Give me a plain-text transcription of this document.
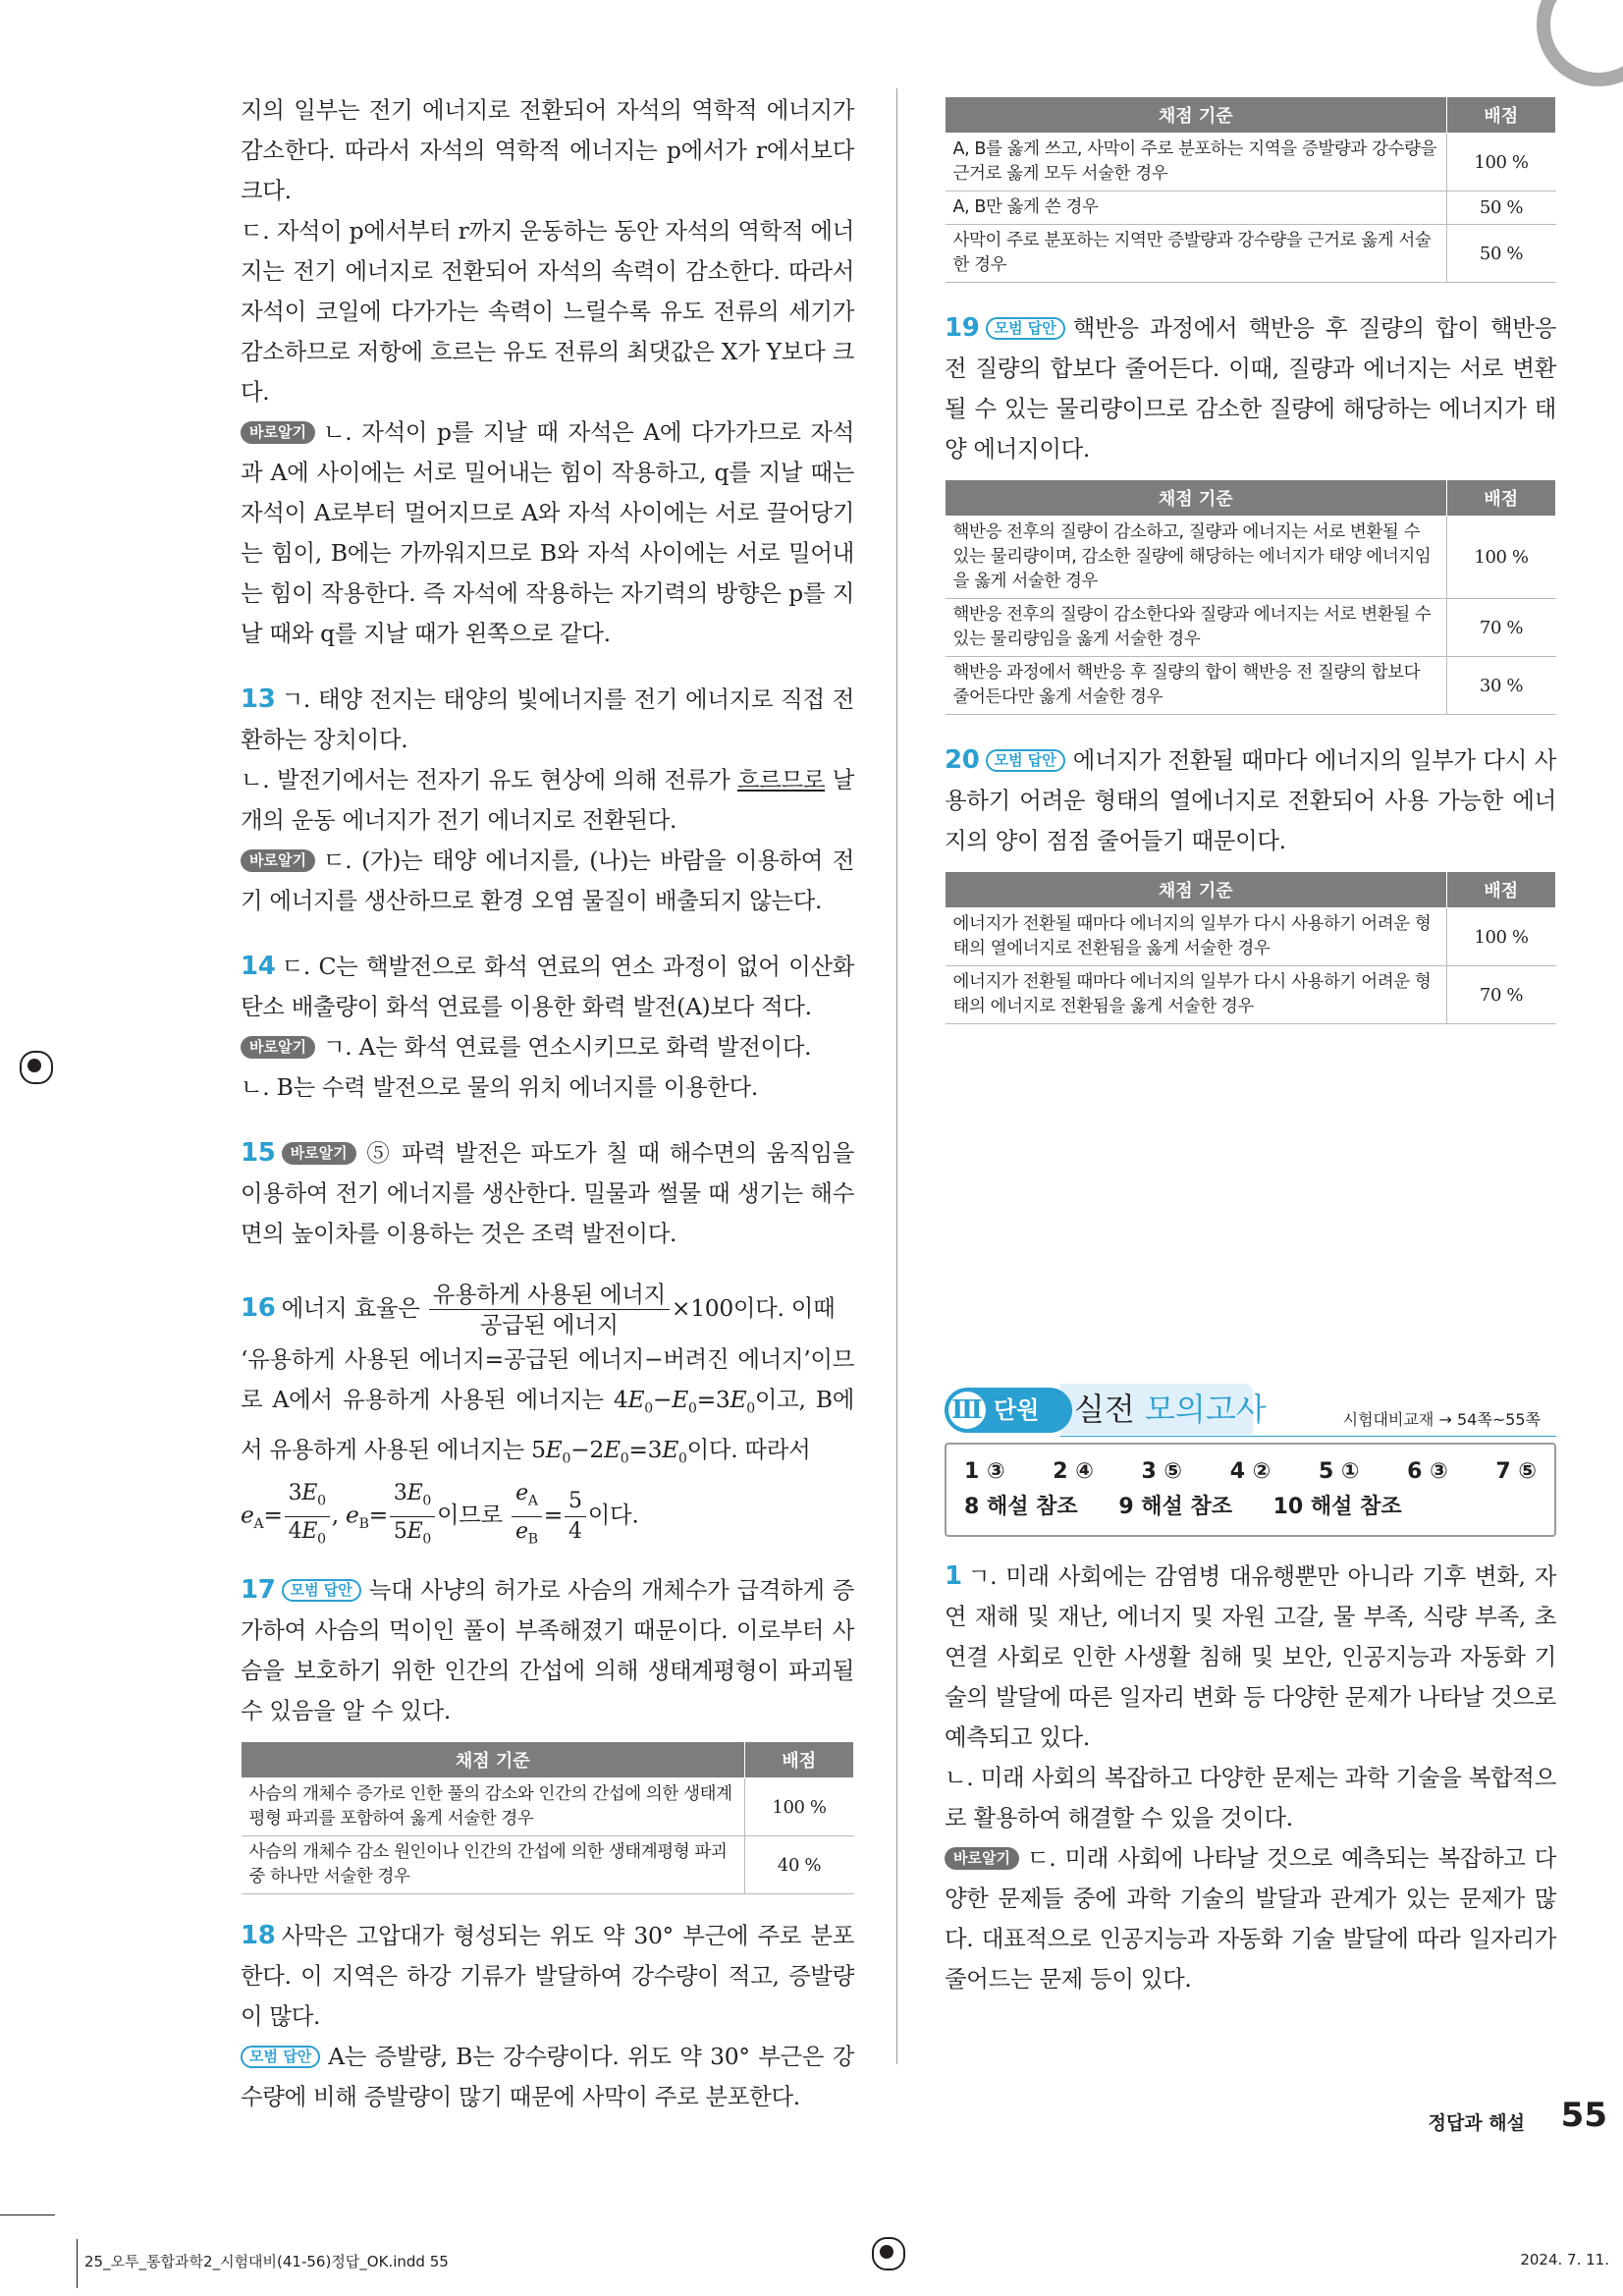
지의 일부는 전기 에너지로 전환되어 자석의 역학적 에너지가 감소한다. 따라서 자석의 역학적 에너지는 p에서가 r에서보다 크다.

ㄷ. 자석이 p에서부터 r까지 운동하는 동안 자석의 역학적 에너지는 전기 에너지로 전환되어 자석의 속력이 감소한다. 따라서 자석이 코일에 다가가는 속력이 느릴수록 유도 전류의 세기가 감소하므로 저항에 흐르는 유도 전류의 최댓값은 X가 Y보다 크다.

바로알기 ㄴ. 자석이 p를 지날 때 자석은 A에 다가가므로 자석과 A에 사이에는 서로 밀어내는 힘이 작용하고, q를 지날 때는 자석이 A로부터 멀어지므로 A와 자석 사이에는 서로 끌어당기는 힘이, B에는 가까워지므로 B와 자석 사이에는 서로 밀어내는 힘이 작용한다. 즉 자석에 작용하는 자기력의 방향은 p를 지날 때와 q를 지날 때가 왼쪽으로 같다.

13 ㄱ. 태양 전지는 태양의 빛에너지를 전기 에너지로 직접 전환하는 장치이다.

ㄴ. 발전기에서는 전자기 유도 현상에 의해 전류가 흐르므로 날개의 운동 에너지가 전기 에너지로 전환된다.

바로알기 ㄷ. (가)는 태양 에너지를, (나)는 바람을 이용하여 전기 에너지를 생산하므로 환경 오염 물질이 배출되지 않는다.

14 ㄷ. C는 핵발전으로 화석 연료의 연소 과정이 없어 이산화 탄소 배출량이 화석 연료를 이용한 화력 발전(A)보다 적다.

바로알기 ㄱ. A는 화석 연료를 연소시키므로 화력 발전이다.

ㄴ. B는 수력 발전으로 물의 위치 에너지를 이용한다.

15 바로알기 ⑤ 파력 발전은 파도가 칠 때 해수면의 움직임을 이용하여 전기 에너지를 생산한다. 밀물과 썰물 때 생기는 해수면의 높이차를 이용하는 것은 조력 발전이다.

16 에너지 효율은 $\frac{\text{유용하게 사용된 에너지}}{\text{공급된 에너지}} \times 100$이다. 이때

‘유용하게 사용된 에너지=공급된 에너지−버려진 에너지’이므로 A에서 유용하게 사용된 에너지는 $4E_0-E_0=3E_0$이고, B에서 유용하게 사용된 에너지는 $5E_0-2E_0=3E_0$이다. 따라서

$e_A= \frac{3E_0}{4E_0}$ , $e_B= \frac{3E_0}{5E_0}$ 이므로 $\frac{e_A}{e_B} = \frac{5}{4}$ 이다.

17 모범 답안 늑대 사냥의 허가로 사슴의 개체수가 급격하게 증가하여 사슴의 먹이인 풀이 부족해졌기 때문이다. 이로부터 사슴을 보호하기 위한 인간의 간섭에 의해 생태계평형이 파괴될 수 있음을 알 수 있다.

채점 기준	배점
사슴의 개체수 증가로 인한 풀의 감소와 인간의 간섭에 의한 생태계평형 파괴를 포함하여 옳게 서술한 경우	100 %
사슴의 개체수 감소 원인이나 인간의 간섭에 의한 생태계평형 파괴 중 하나만 서술한 경우	40 %

18 사막은 고압대가 형성되는 위도 약 30° 부근에 주로 분포한다. 이 지역은 하강 기류가 발달하여 강수량이 적고, 증발량이 많다.

모범 답안 A는 증발량, B는 강수량이다. 위도 약 30° 부근은 강수량에 비해 증발량이 많기 때문에 사막이 주로 분포한다.

채점 기준	배점
A, B를 옳게 쓰고, 사막이 주로 분포하는 지역을 증발량과 강수량을 근거로 옳게 모두 서술한 경우	100 %
A, B만 옳게 쓴 경우	50 %
사막이 주로 분포하는 지역만 증발량과 강수량을 근거로 옳게 서술한 경우	50 %

19 모범 답안 핵반응 과정에서 핵반응 후 질량의 합이 핵반응 전 질량의 합보다 줄어든다. 이때, 질량과 에너지는 서로 변환될 수 있는 물리량이므로 감소한 질량에 해당하는 에너지가 태양 에너지이다.

채점 기준	배점
핵반응 전후의 질량이 감소하고, 질량과 에너지는 서로 변환될 수 있는 물리량이며, 감소한 질량에 해당하는 에너지가 태양 에너지임을 옳게 서술한 경우	100 %
핵반응 전후의 질량이 감소한다와 질량과 에너지는 서로 변환될 수 있는 물리량임을 옳게 서술한 경우	70 %
핵반응 과정에서 핵반응 후 질량의 합이 핵반응 전 질량의 합보다 줄어든다만 옳게 서술한 경우	30 %

20 모범 답안 에너지가 전환될 때마다 에너지의 일부가 다시 사용하기 어려운 형태의 열에너지로 전환되어 사용 가능한 에너지의 양이 점점 줄어들기 때문이다.

채점 기준	배점
에너지가 전환될 때마다 에너지의 일부가 다시 사용하기 어려운 형태의 열에너지로 전환됨을 옳게 서술한 경우	100 %
에너지가 전환될 때마다 에너지의 일부가 다시 사용하기 어려운 형태의 에너지로 전환됨을 옳게 서술한 경우	70 %
Ⅲ 단원 실전 모의고사	시험대비교재 → 54쪽~55쪽
1 ③ 2 ④ 3 ⑤ 4 ② 5 ① 6 ③ 7 ⑤
8 해설 참조 9 해설 참조 10 해설 참조

1 ㄱ. 미래 사회에는 감염병 대유행뿐만 아니라 기후 변화, 자연 재해 및 재난, 에너지 및 자원 고갈, 물 부족, 식량 부족, 초연결 사회로 인한 사생활 침해 및 보안, 인공지능과 자동화 기술의 발달에 따른 일자리 변화 등 다양한 문제가 나타날 것으로 예측되고 있다.

ㄴ. 미래 사회의 복잡하고 다양한 문제는 과학 기술을 복합적으로 활용하여 해결할 수 있을 것이다.

바로알기 ㄷ. 미래 사회에 나타날 것으로 예측되는 복잡하고 다양한 문제들 중에 과학 기술의 발달과 관계가 있는 문제가 많다. 대표적으로 인공지능과 자동화 기술 발달에 따라 일자리가 줄어드는 문제 등이 있다.

정답과 해설 55
25_오투_통합과학2_시험대비(41-56)정답_OK.indd 55	2024. 7. 11.
